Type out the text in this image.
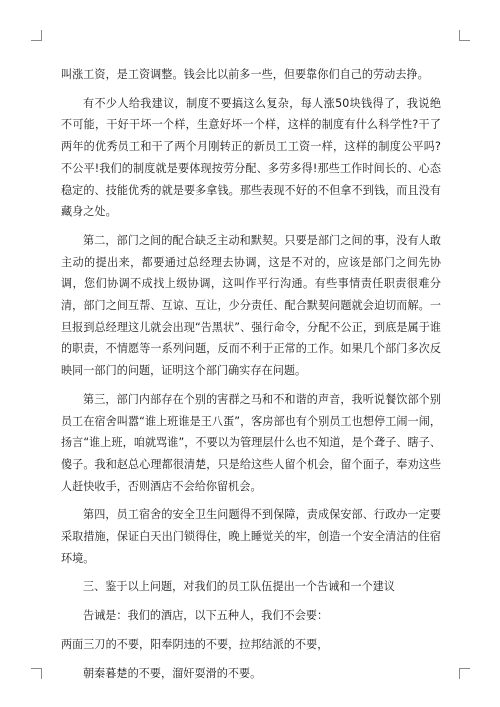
叫涨工资，是工资调整。钱会比以前多一些，但要靠你们自己的劳动去挣。

有不少人给我建议，制度不要搞这么复杂，每人涨50块钱得了，我说绝不可能，干好干坏一个样，生意好坏一个样，这样的制度有什么科学性?干了两年的优秀员工和干了两个月刚转正的新员工工资一样，这样的制度公平吗?不公平!我们的制度就是要体现按劳分配、多劳多得!那些工作时间长的、心态稳定的、技能优秀的就是要多拿钱。那些表现不好的不但拿不到钱，而且没有藏身之处。

第二，部门之间的配合缺乏主动和默契。只要是部门之间的事，没有人敢主动的提出来，都要通过总经理去协调，这是不对的，应该是部门之间先协调，您们协调不成找上级协调，这叫作平行沟通。有些事情责任职责很难分清，部门之间互帮、互谅、互让，少分责任、配合默契问题就会迫切而解。一旦报到总经理这儿就会出现“告黑状”、强行命令，分配不公正，到底是属于谁的职责，不情愿等一系列问题，反而不利于正常的工作。如果几个部门多次反映同一部门的问题，证明这个部门确实存在问题。

第三，部门内部存在个别的害群之马和不和谐的声音，我听说餐饮部个别员工在宿舍叫嚣“谁上班谁是王八蛋”，客房部也有个别员工也想停工闹一闹，扬言“谁上班，咱就骂谁”，不要以为管理层什么也不知道，是个聋子、瞎子、傻子。我和赵总心理都很清楚，只是给这些人留个机会，留个面子，奉劝这些人赶快收手，否则酒店不会给你留机会。

第四，员工宿舍的安全卫生问题得不到保障，责成保安部、行政办一定要采取措施，保证白天出门锁得住，晚上睡觉关的牢，创造一个安全清洁的住宿环境。

三、鉴于以上问题，对我们的员工队伍提出一个告诫和一个建议

告诫是：我们的酒店，以下五种人，我们不会要：

两面三刀的不要，阳奉阴违的不要，拉邦结派的不要，

朝秦暮楚的不要，溜奸耍滑的不要。
